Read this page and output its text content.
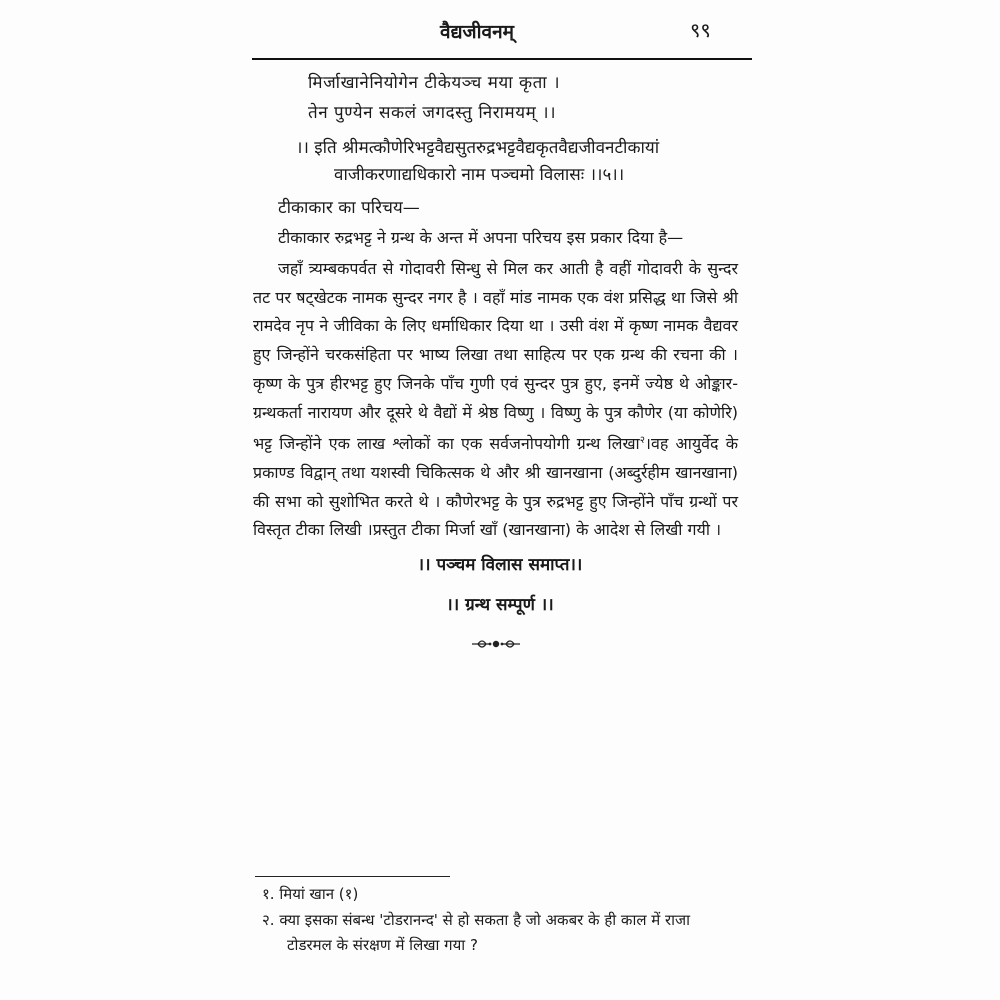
वैद्यजीवनम्	९९
मिर्जाखानेनियोगेन टीकेयञ्च मया कृता ।
तेन पुण्येन सकलं जगदस्तु निरामयम् ।।
।। इति श्रीमत्कौणेरिभट्टवैद्यसुतरुद्रभट्टवैद्यकृतवैद्यजीवनटीकायां
वाजीकरणाद्यधिकारो नाम पञ्चमो विलासः ।।५।।
टीकाकार का परिचय—
टीकाकार रुद्रभट्ट ने ग्रन्थ के अन्त में अपना परिचय इस प्रकार दिया है—
जहाँ त्र्यम्बकपर्वत से गोदावरी सिन्धु से मिल कर आती है वहीं गोदावरी के सुन्दर तट पर षट्खेटक नामक सुन्दर नगर है । वहाँ मांड नामक एक वंश प्रसिद्ध था जिसे श्री रामदेव नृप ने जीविका के लिए धर्माधिकार दिया था । उसी वंश में कृष्ण नामक वैद्यवर हुए जिन्होंने चरकसंहिता पर भाष्य लिखा तथा साहित्य पर एक ग्रन्थ की रचना की । कृष्ण के पुत्र हीरभट्ट हुए जिनके पाँच गुणी एवं सुन्दर पुत्र हुए, इनमें ज्येष्ठ थे ओङ्कार-ग्रन्थकर्ता नारायण और दूसरे थे वैद्यों में श्रेष्ठ विष्णु । विष्णु के पुत्र कौणेर (या कोणेरि) भट्ट जिन्होंने एक लाख श्लोकों का एक सर्वजनोपयोगी ग्रन्थ लिखा$^२$।वह आयुर्वेद के प्रकाण्ड विद्वान् तथा यशस्वी चिकित्सक थे और श्री खानखाना (अब्दुर्रहीम खानखाना) की सभा को सुशोभित करते थे । कौणेरभट्ट के पुत्र रुद्रभट्ट हुए जिन्होंने पाँच ग्रन्थों पर विस्तृत टीका लिखी ।प्रस्तुत टीका मिर्जा खाँ (खानखाना) के आदेश से लिखी गयी ।
।। पञ्चम विलास समाप्त।।
।। ग्रन्थ सम्पूर्ण ।।
१. मियां खान (१)
२. क्या इसका संबन्ध 'टोडरानन्द' से हो सकता है जो अकबर के ही काल में राजा
टोडरमल के संरक्षण में लिखा गया ?
